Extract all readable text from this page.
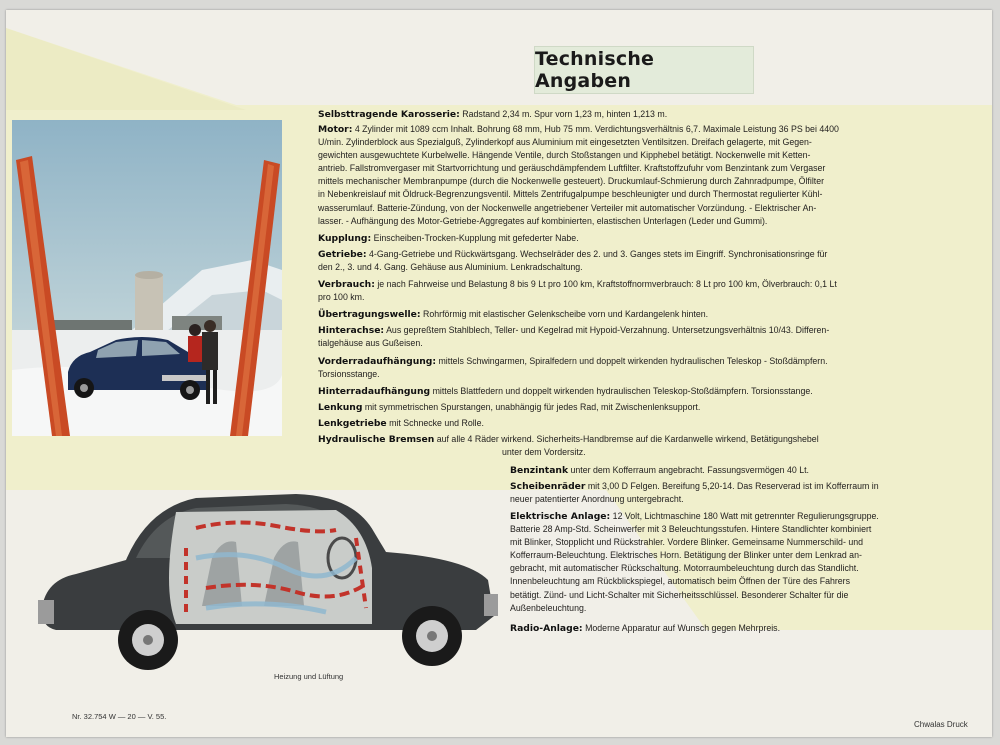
Technische Angaben
Heizung und Lüftung
Selbsttragende Karosserie: Radstand 2,34 m. Spur vorn 1,23 m, hinten 1,213 m.
Motor: 4 Zylinder mit 1089 ccm Inhalt. Bohrung 68 mm, Hub 75 mm. Verdichtungsverhältnis 6,7. Maximale Leistung 36 PS bei 4400
U/min. Zylinderblock aus Spezialguß, Zylinderkopf aus Aluminium mit eingesetzten Ventilsitzen. Dreifach gelagerte, mit Gegen-
gewichten ausgewuchtete Kurbelwelle. Hängende Ventile, durch Stoßstangen und Kipphebel betätigt. Nockenwelle mit Ketten-
antrieb. Fallstromvergaser mit Startvorrichtung und geräuschdämpfendem Luftfilter. Kraftstoffzufuhr vom Benzintank zum Vergaser
mittels mechanischer Membranpumpe (durch die Nockenwelle gesteuert). Druckumlauf-Schmierung durch Zahnradpumpe, Ölfilter
in Nebenkreislauf mit Öldruck-Begrenzungsventil. Mittels Zentrifugalpumpe beschleunigter und durch Thermostat regulierter Kühl-
wasserumlauf. Batterie-Zündung, von der Nockenwelle angetriebener Verteiler mit automatischer Vorzündung. - Elektrischer An-
lasser. - Aufhängung des Motor-Getriebe-Aggregates auf kombinierten, elastischen Unterlagen (Leder und Gummi).
Kupplung: Einscheiben-Trocken-Kupplung mit gefederter Nabe.
Getriebe: 4-Gang-Getriebe und Rückwärtsgang. Wechselräder des 2. und 3. Ganges stets im Eingriff. Synchronisationsringe für
den 2., 3. und 4. Gang. Gehäuse aus Aluminium. Lenkradschaltung.
Verbrauch: je nach Fahrweise und Belastung 8 bis 9 Lt pro 100 km, Kraftstoffnormverbrauch: 8 Lt pro 100 km, Ölverbrauch: 0,1 Lt
pro 100 km.
Übertragungswelle: Rohrförmig mit elastischer Gelenkscheibe vorn und Kardangelenk hinten.
Hinterachse: Aus gepreßtem Stahlblech, Teller- und Kegelrad mit Hypoid-Verzahnung. Untersetzungsverhältnis 10/43. Differen-
tialgehäuse aus Gußeisen.
Vorderradaufhängung: mittels Schwingarmen, Spiralfedern und doppelt wirkenden hydraulischen Teleskop - Stoßdämpfern.
Torsionsstange.
Hinterradaufhängung mittels Blattfedern und doppelt wirkenden hydraulischen Teleskop-Stoßdämpfern. Torsionsstange.
Lenkung mit symmetrischen Spurstangen, unabhängig für jedes Rad, mit Zwischenlenksupport.
Lenkgetriebe mit Schnecke und Rolle.
Hydraulische Bremsen auf alle 4 Räder wirkend. Sicherheits-Handbremse auf die Kardanwelle wirkend, Betätigungshebel
unter dem Vordersitz.
Benzintank unter dem Kofferraum angebracht. Fassungsvermögen 40 Lt.
Scheibenräder mit 3,00 D Felgen. Bereifung 5,20-14. Das Reserverad ist im Kofferraum in
neuer patentierter Anordnung untergebracht.
Elektrische Anlage: 12 Volt, Lichtmaschine 180 Watt mit getrennter Regulierungsgruppe.
Batterie 28 Amp-Std. Scheinwerfer mit 3 Beleuchtungsstufen. Hintere Standlichter kombiniert
mit Blinker, Stopplicht und Rückstrahler. Vordere Blinker. Gemeinsame Nummerschild- und
Kofferraum-Beleuchtung. Elektrisches Horn. Betätigung der Blinker unter dem Lenkrad an-
gebracht, mit automatischer Rückschaltung. Motorraumbeleuchtung durch das Standlicht.
Innenbeleuchtung am Rückblickspiegel, automatisch beim Öffnen der Türe des Fahrers
betätigt. Zünd- und Licht-Schalter mit Sicherheitsschlüssel. Besonderer Schalter für die
Außenbeleuchtung.
Radio-Anlage: Moderne Apparatur auf Wunsch gegen Mehrpreis.
Nr. 32.754 W — 20 — V. 55.
Chwalas Druck
